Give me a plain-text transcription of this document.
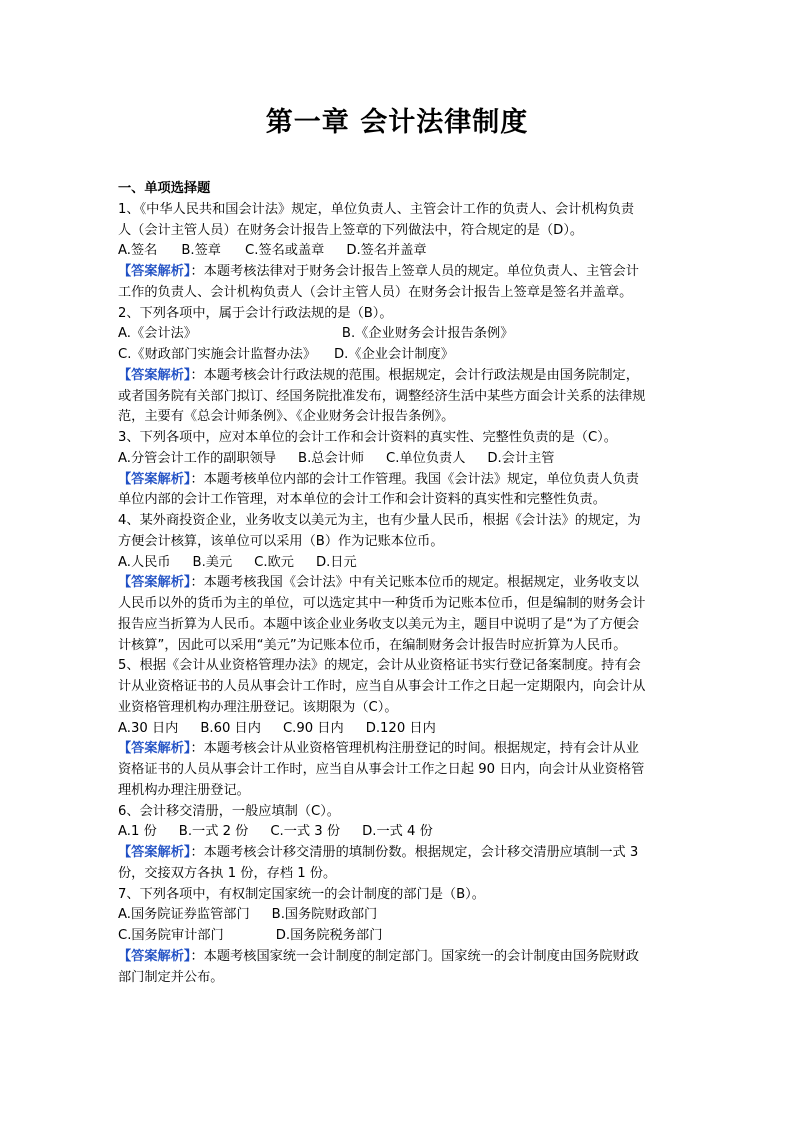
第一章 会计法律制度
一、单项选择题
1、《中华人民共和国会计法》规定，单位负责人、主管会计工作的负责人、会计机构负责
人（会计主管人员）在财务会计报告上签章的下列做法中，符合规定的是（D）。
A.签名 B.签章 C.签名或盖章 D.签名并盖章
【答案解析】：本题考核法律对于财务会计报告上签章人员的规定。单位负责人、主管会计
工作的负责人、会计机构负责人（会计主管人员）在财务会计报告上签章是签名并盖章。
2、下列各项中，属于会计行政法规的是（B）。
A.《会计法》	B.《企业财务会计报告条例》
C.《财政部门实施会计监督办法》 D.《企业会计制度》
【答案解析】：本题考核会计行政法规的范围。根据规定，会计行政法规是由国务院制定，
或者国务院有关部门拟订、经国务院批准发布，调整经济生活中某些方面会计关系的法律规
范，主要有《总会计师条例》、《企业财务会计报告条例》。
3、下列各项中，应对本单位的会计工作和会计资料的真实性、完整性负责的是（C）。
A.分管会计工作的副职领导 B.总会计师 C.单位负责人 D.会计主管
【答案解析】：本题考核单位内部的会计工作管理。我国《会计法》规定，单位负责人负责
单位内部的会计工作管理，对本单位的会计工作和会计资料的真实性和完整性负责。
4、某外商投资企业，业务收支以美元为主，也有少量人民币，根据《会计法》的规定，为
方便会计核算，该单位可以采用（B）作为记账本位币。
A.人民币 B.美元 C.欧元 D.日元
【答案解析】：本题考核我国《会计法》中有关记账本位币的规定。根据规定，业务收支以
人民币以外的货币为主的单位，可以选定其中一种货币为记账本位币，但是编制的财务会计
报告应当折算为人民币。本题中该企业业务收支以美元为主，题目中说明了是“为了方便会
计核算”，因此可以采用“美元”为记账本位币，在编制财务会计报告时应折算为人民币。
5、根据《会计从业资格管理办法》的规定，会计从业资格证书实行登记备案制度。持有会
计从业资格证书的人员从事会计工作时，应当自从事会计工作之日起一定期限内，向会计从
业资格管理机构办理注册登记。该期限为（C）。
A.30 日内 B.60 日内 C.90 日内 D.120 日内
【答案解析】：本题考核会计从业资格管理机构注册登记的时间。根据规定，持有会计从业
资格证书的人员从事会计工作时，应当自从事会计工作之日起 90 日内，向会计从业资格管
理机构办理注册登记。
6、会计移交清册，一般应填制（C）。
A.1 份 B.一式 2 份 C.一式 3 份 D.一式 4 份
【答案解析】：本题考核会计移交清册的填制份数。根据规定，会计移交清册应填制一式 3
份，交接双方各执 1 份，存档 1 份。
7、下列各项中，有权制定国家统一的会计制度的部门是（B）。
A.国务院证券监管部门 B.国务院财政部门
C.国务院审计部门	D.国务院税务部门
【答案解析】：本题考核国家统一会计制度的制定部门。国家统一的会计制度由国务院财政
部门制定并公布。
